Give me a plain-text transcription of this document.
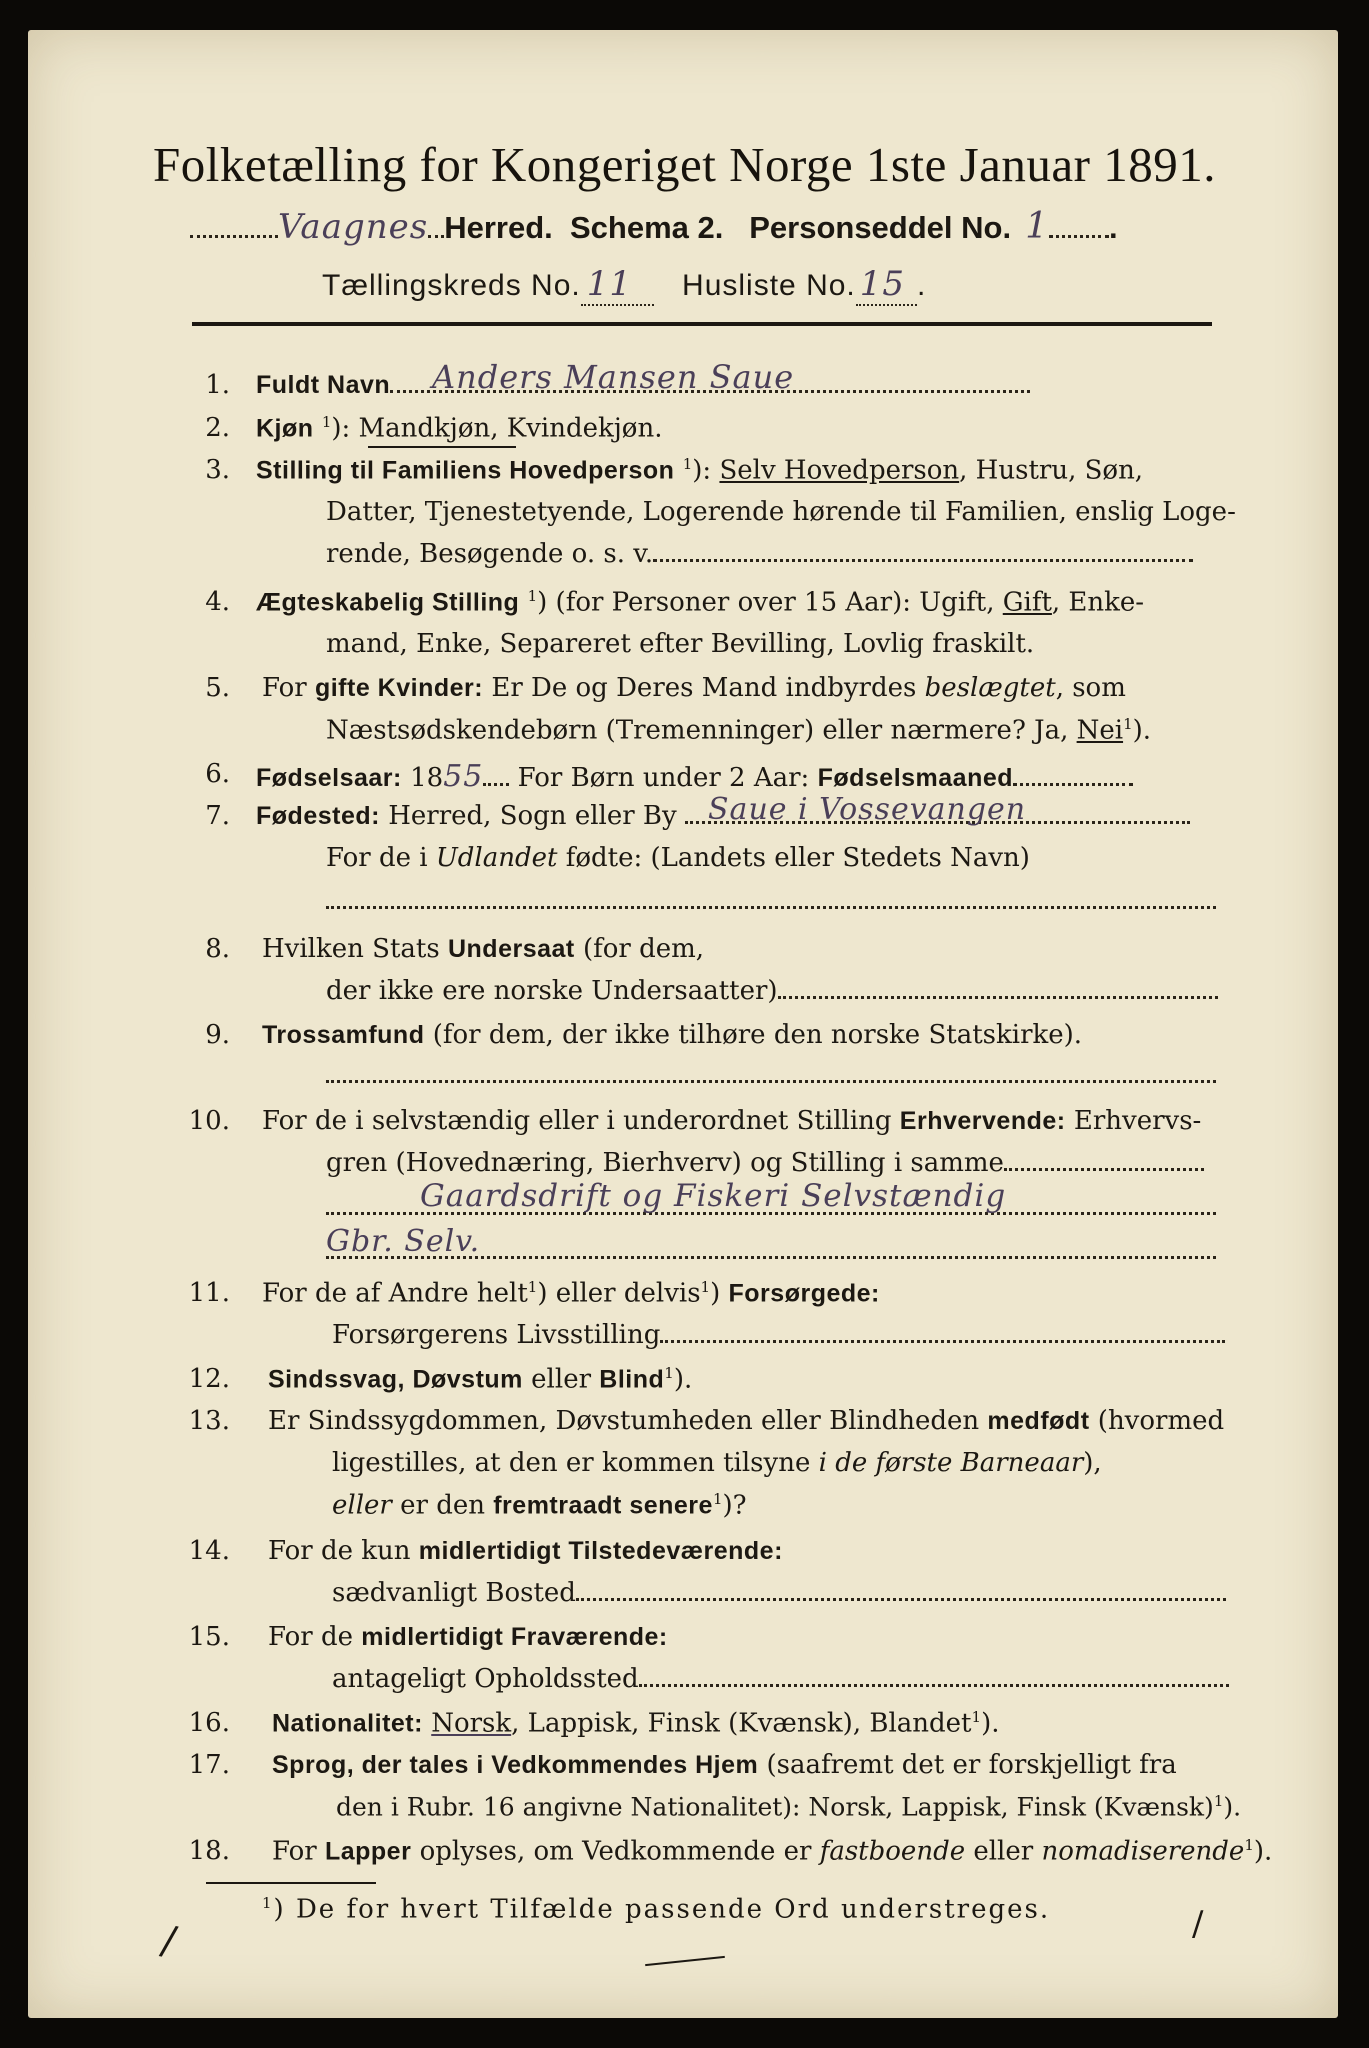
Folketælling for Kongeriget Norge 1ste Januar 1891.
Vaagnes Herred. Schema 2. Personseddel No. 1 .
Tællingskreds No. 11 Husliste No. 15 .
1. Fuldt Navn	Anders Mansen Saue
2. Kjøn $^1$): Mandkjøn, Kvindekjøn.
3. Stilling til Familiens Hovedperson $^1$): Selv Hovedperson, Hustru, Søn,
Datter, Tjenestetyende, Logerende hørende til Familien, enslig Loge-
rende, Besøgende o. s. v.
4. Ægteskabelig Stilling $^1$) (for Personer over 15 Aar): Ugift, Gift, Enke-
mand, Enke, Separeret efter Bevilling, Lovlig fraskilt.
5. For gifte Kvinder: Er De og Deres Mand indbyrdes beslægtet, som
Næstsødskendebørn (Tremenninger) eller nærmere? Ja, Nei$^1$).
6. Fødselsaar: 1855 For Børn under 2 Aar: Fødselsmaaned
7. Fødested: Herred, Sogn eller By Saue i Vossevangen
For de i Udlandet fødte: (Landets eller Stedets Navn)
8. Hvilken Stats Undersaat (for dem,
der ikke ere norske Undersaatter)
9. Trossamfund (for dem, der ikke tilhøre den norske Statskirke).
10. For de i selvstændig eller i underordnet Stilling Erhvervende: Erhvervs-
gren (Hovednæring, Bierhverv) og Stilling i samme
Gaardsdrift og Fiskeri Selvstændig
Gbr. Selv.
11. For de af Andre helt$^1$) eller delvis$^1$) Forsørgede:
Forsørgerens Livsstilling
12. Sindssvag, Døvstum eller Blind$^1$).
13. Er Sindssygdommen, Døvstumheden eller Blindheden medfødt (hvormed
ligestilles, at den er kommen tilsyne i de første Barneaar),
eller er den fremtraadt senere$^1$)?
14. For de kun midlertidigt Tilstedeværende:
sædvanligt Bosted
15. For de midlertidigt Fraværende:
antageligt Opholdssted
16. Nationalitet: Norsk, Lappisk, Finsk (Kvænsk), Blandet$^1$).
17. Sprog, der tales i Vedkommendes Hjem (saafremt det er forskjelligt fra
den i Rubr. 16 angivne Nationalitet): Norsk, Lappisk, Finsk (Kvænsk)$^1$).
18. For Lapper oplyses, om Vedkommende er fastboende eller nomadiserende$^1$).
$^1$) De for hvert Tilfælde passende Ord understreges.
/	/
